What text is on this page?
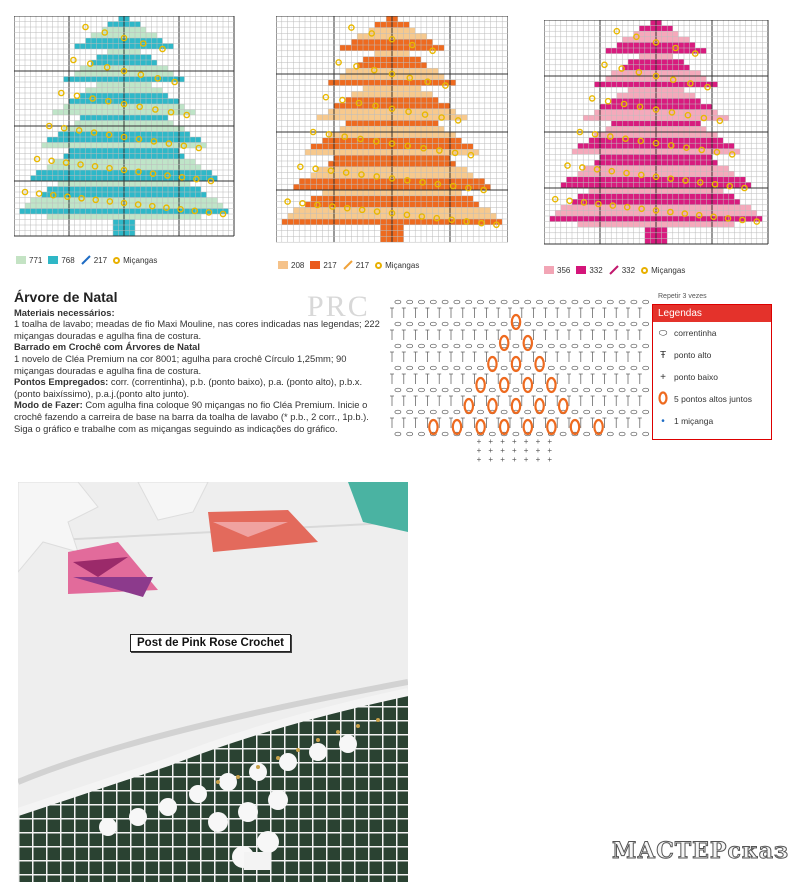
771 768 217 Miçangas
208 217 217 Miçangas
356 332 332 Miçangas
PRC
Árvore de Natal
Materiais necessários:
1 toalha de lavabo; meadas de fio Maxi Mouline, nas cores indicadas nas legendas; 222 miçangas douradas e agulha fina de costura.
Barrado em Crochê com Árvores de Natal
1 novelo de Cléa Premium na cor 8001; agulha para crochê Círculo 1,25mm; 90 miçangas douradas e agulha fina de costura.
Pontos Empregados: corr. (correntinha), p.b. (ponto baixo), p.a. (ponto alto), p.b.x. (ponto baixíssimo), p.a.j.(ponto alto junto).
Modo de Fazer: Com agulha fina coloque 90 miçangas no fio Cléa Premium. Inicie o crochê fazendo a carreira de base na barra da toalha de lavabo (* p.b., 2 corr., 1p.b.). Siga o gráfico e trabalhe com as miçangas seguindo as indicações do gráfico.
+ + + + + + +
+ + + + + + +
+ + + + + + +
Repetir 3 vezes
Legendas
⬭ correntinha
Ŧ ponto alto
+ ponto baixo
5 pontos altos juntos
•	1 miçanga
Post de Pink Rose Crochet
МАСТЕРсказ
